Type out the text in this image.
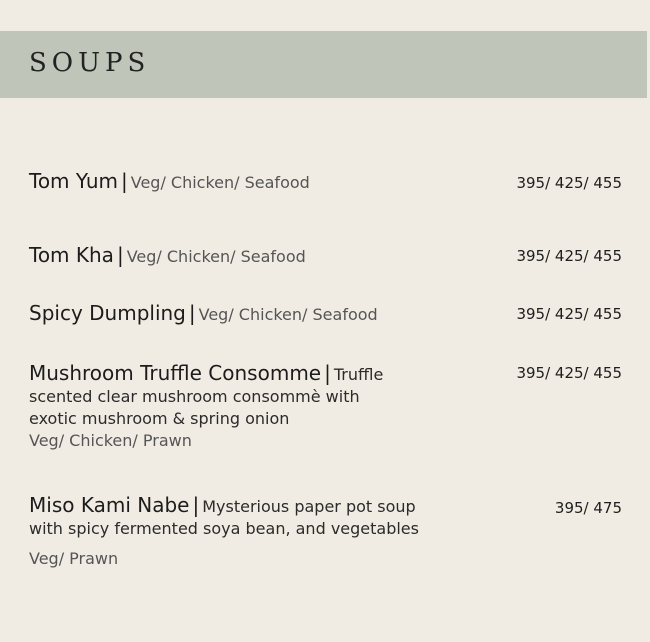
SOUPS
Tom Yum | Veg/ Chicken/ Seafood	395/ 425/ 455
Tom Kha | Veg/ Chicken/ Seafood	395/ 425/ 455
Spicy Dumpling | Veg/ Chicken/ Seafood	395/ 425/ 455
Mushroom Truffle Consomme | Truffle
scented clear mushroom consommè with
exotic mushroom & spring onion
Veg/ Chicken/ Prawn
395/ 425/ 455
Miso Kami Nabe | Mysterious paper pot soup
with spicy fermented soya bean, and vegetables
Veg/ Prawn
395/ 475
